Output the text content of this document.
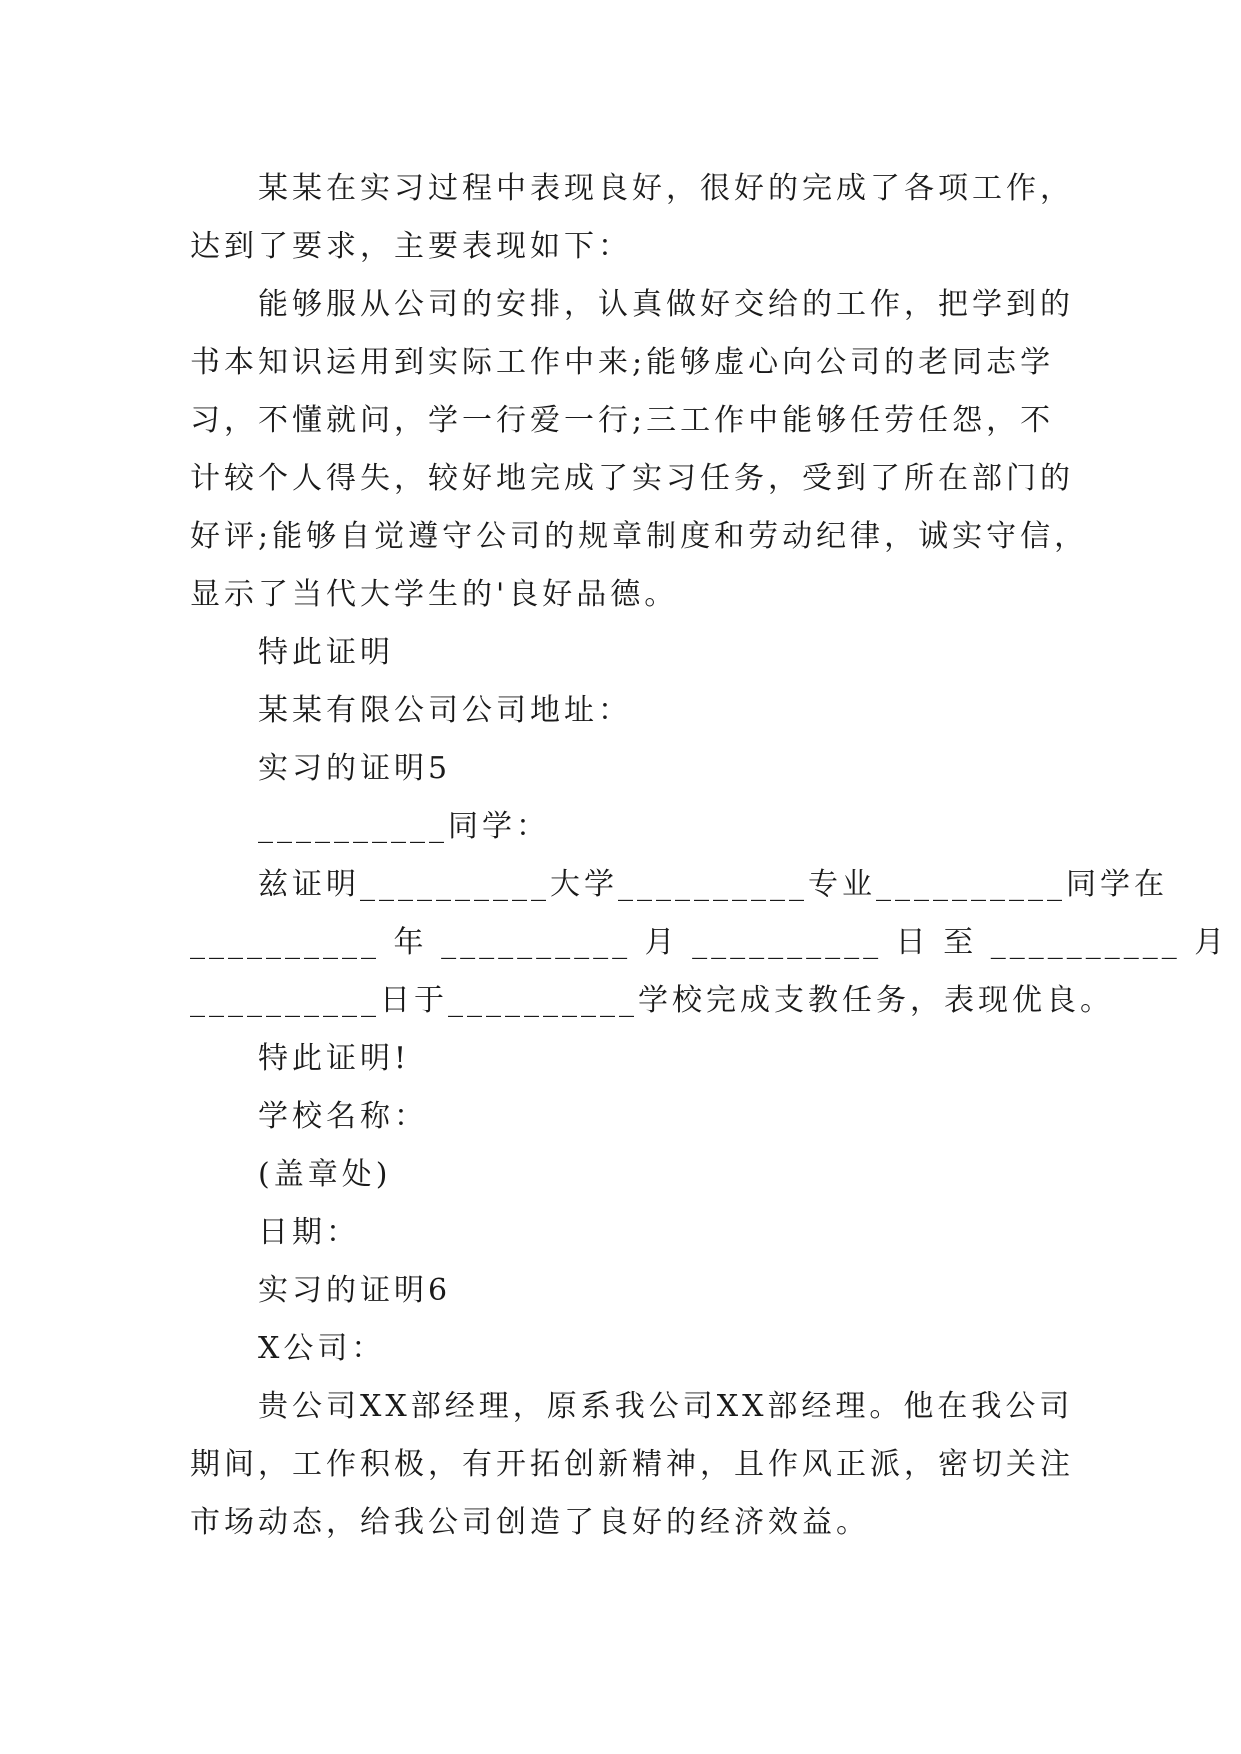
某某在实习过程中表现良好，很好的完成了各项工作，
达到了要求，主要表现如下：
能够服从公司的安排，认真做好交给的工作，把学到的
书本知识运用到实际工作中来;能够虚心向公司的老同志学
习，不懂就问，学一行爱一行;三工作中能够任劳任怨，不
计较个人得失，较好地完成了实习任务，受到了所在部门的
好评;能够自觉遵守公司的规章制度和劳动纪律，诚实守信，
显示了当代大学生的'良好品德。
特此证明
某某有限公司公司地址：
实习的证明5
__________同学：
兹证明__________大学__________专业__________同学在
__________ 年 __________ 月 __________ 日 至 __________ 月
__________日于__________学校完成支教任务，表现优良。
特此证明!
学校名称：
(盖章处)
日期：
实习的证明6
X公司：
贵公司XX部经理，原系我公司XX部经理。他在我公司
期间，工作积极，有开拓创新精神，且作风正派，密切关注
市场动态，给我公司创造了良好的经济效益。
